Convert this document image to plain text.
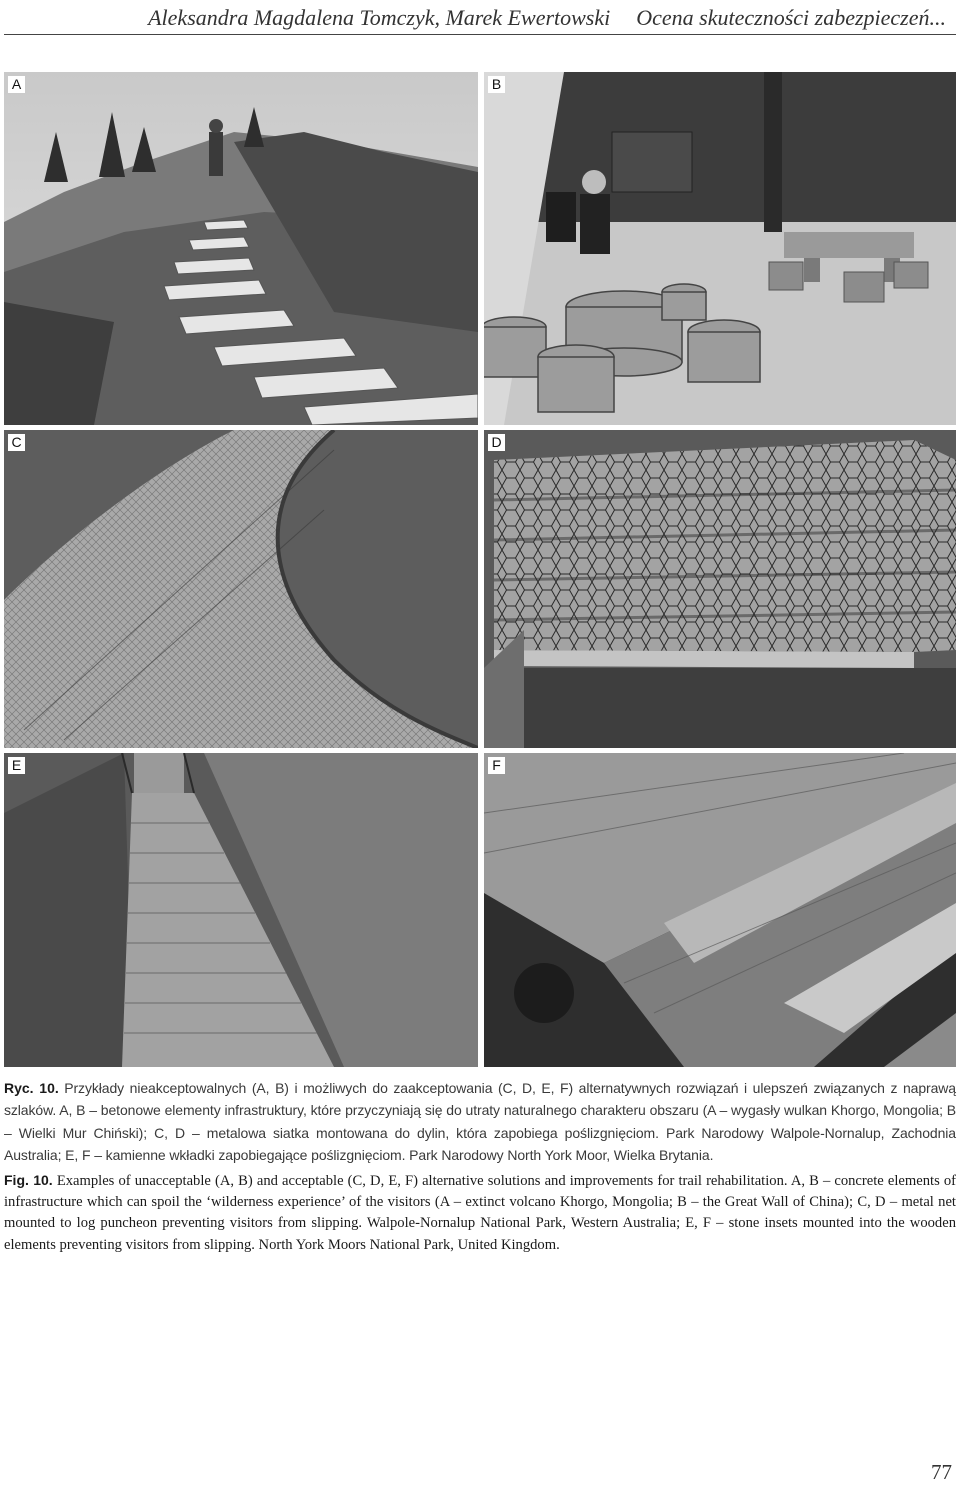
Aleksandra Magdalena Tomczyk, Marek Ewertowski Ocena skuteczności zabezpieczeń...
A	B
C	D
E	F

Ryc. 10. Przykłady nieakceptowalnych (A, B) i możliwych do zaakceptowania (C, D, E, F) alternatywnych rozwiązań i ulepszeń związanych z naprawą szlaków. A, B – betonowe elementy infrastruktury, które przyczyniają się do utraty naturalnego charakteru obszaru (A – wygasły wulkan Khorgo, Mongolia; B – Wielki Mur Chiński); C, D – metalowa siatka montowana do dylin, która zapobiega poślizgnięciom. Park Narodowy Walpole-Nornalup, Zachodnia Australia; E, F – kamienne wkładki zapobiegające poślizgnięciom. Park Narodowy North York Moor, Wielka Brytania.

Fig. 10. Examples of unacceptable (A, B) and acceptable (C, D, E, F) alternative solutions and improvements for trail rehabilitation. A, B – concrete elements of infrastructure which can spoil the ‘wilderness experience’ of the visitors (A – extinct volcano Khorgo, Mongolia; B – the Great Wall of China); C, D – metal net mounted to log puncheon preventing visitors from slipping. Walpole-Nornalup National Park, Western Australia; E, F – stone insets mounted into the wooden elements preventing visitors from slipping. North York Moors National Park, United Kingdom.

77
